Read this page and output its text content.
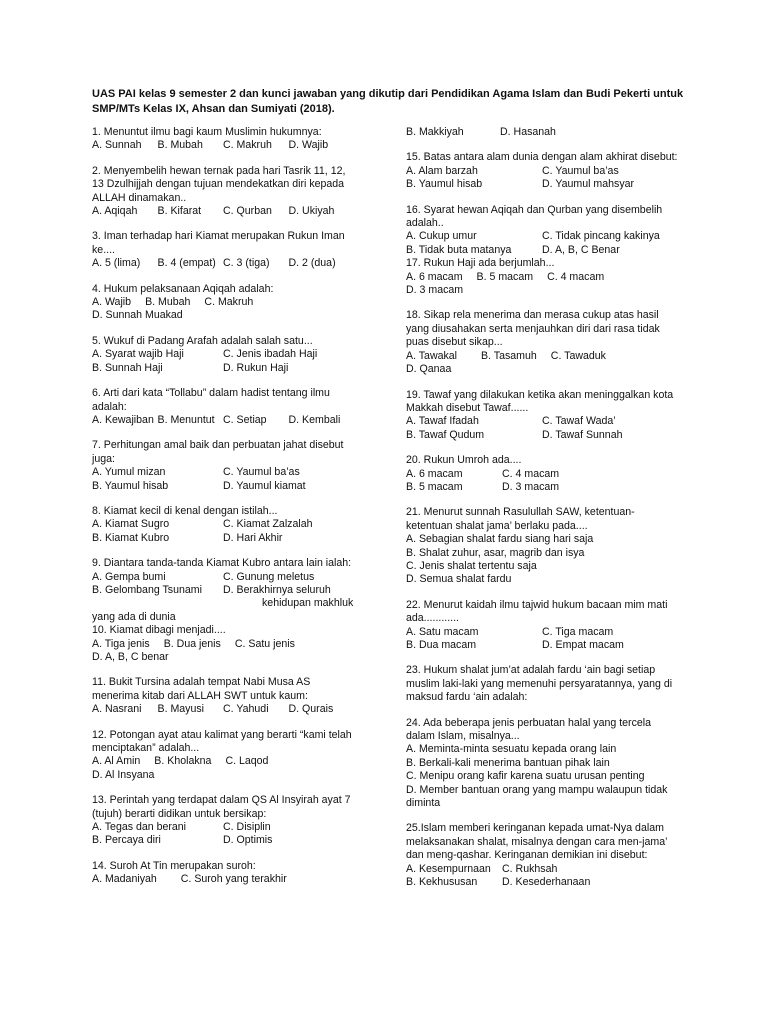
UAS PAI kelas 9 semester 2 dan kunci jawaban yang dikutip dari Pendidikan Agama Islam dan Budi Pekerti untuk SMP/MTs Kelas IX, Ahsan dan Sumiyati (2018).
1. Menuntut ilmu bagi kaum Muslimin hukumnya:
A. Sunnah	B. Mubah	C. Makruh	D. Wajib
2. Menyembelih hewan ternak pada hari Tasrik 11, 12, 13 Dzulhijjah dengan tujuan mendekatkan diri kepada ALLAH dinamakan..
A. Aqiqah	B. Kifarat	C. Qurban	D. Ukiyah
3. Iman terhadap hari Kiamat merupakan Rukun Iman ke....
A. 5 (lima)	B. 4 (empat) C. 3 (tiga)	D. 2 (dua)
4. Hukum pelaksanaan Aqiqah adalah:
A. Wajib B. Mubah C. Makruh
D. Sunnah Muakad
5. Wukuf di Padang Arafah adalah salah satu...
A. Syarat wajib Haji	C. Jenis ibadah Haji
B. Sunnah Haji	D. Rukun Haji
6. Arti dari kata “Tollabu” dalam hadist tentang ilmu adalah:
A. Kewajiban B. Menuntut C. Setiap	D. Kembali
7. Perhitungan amal baik dan perbuatan jahat disebut juga:
A. Yumul mizan	C. Yaumul ba’as
B. Yaumul hisab	D. Yaumul kiamat
8. Kiamat kecil di kenal dengan istilah...
A. Kiamat Sugro	C. Kiamat Zalzalah
B. Kiamat Kubro	D. Hari Akhir
9. Diantara tanda-tanda Kiamat Kubro antara lain ialah:
A. Gempa bumi	C. Gunung meletus
B. Gelombang Tsunami	D. Berakhirnya seluruh
kehidupan makhluk
yang ada di dunia
10. Kiamat dibagi menjadi....
A. Tiga jenis B. Dua jenis C. Satu jenis
D. A, B, C benar
11. Bukit Tursina adalah tempat Nabi Musa AS menerima kitab dari ALLAH SWT untuk kaum:
A. Nasrani	B. Mayusi	C. Yahudi	D. Qurais
12. Potongan ayat atau kalimat yang berarti “kami telah menciptakan” adalah...
A. Al Amin B. Kholakna C. Laqod
D. Al Insyana
13. Perintah yang terdapat dalam QS Al Insyirah ayat 7 (tujuh) berarti didikan untuk bersikap:
A. Tegas dan berani	C. Disiplin
B. Percaya diri	D. Optimis
14. Suroh At Tin merupakan suroh:
A. Madaniyah C. Suroh yang terakhir
B. Makkiyah	D. Hasanah
15. Batas antara alam dunia dengan alam akhirat disebut:
A. Alam barzah	C. Yaumul ba’as
B. Yaumul hisab	D. Yaumul mahsyar
16. Syarat hewan Aqiqah dan Qurban yang disembelih adalah..
A. Cukup umur	C. Tidak pincang kakinya
B. Tidak buta matanya	D. A, B, C Benar
17. Rukun Haji ada berjumlah...
A. 6 macam B. 5 macam C. 4 macam
D. 3 macam
18. Sikap rela menerima dan merasa cukup atas hasil yang diusahakan serta menjauhkan diri dari rasa tidak puas disebut sikap...
A. Tawakal B. Tasamuh C. Tawaduk
D. Qanaa
19. Tawaf yang dilakukan ketika akan meninggalkan kota Makkah disebut Tawaf......
A. Tawaf Ifadah	C. Tawaf Wada’
B. Tawaf Qudum	D. Tawaf Sunnah
20. Rukun Umroh ada....
A. 6 macam	C. 4 macam
B. 5 macam	D. 3 macam
21. Menurut sunnah Rasulullah SAW, ketentuan-ketentuan shalat jama’ berlaku pada....
A. Sebagian shalat fardu siang hari saja
B. Shalat zuhur, asar, magrib dan isya
C. Jenis shalat tertentu saja
D. Semua shalat fardu
22. Menurut kaidah ilmu tajwid hukum bacaan mim mati ada............
A. Satu macam	C. Tiga macam
B. Dua macam	D. Empat macam
23. Hukum shalat jum’at adalah fardu ‘ain bagi setiap muslim laki-laki yang memenuhi persyaratannya, yang di maksud fardu ‘ain adalah:
24. Ada beberapa jenis perbuatan halal yang tercela dalam Islam, misalnya...
A. Meminta-minta sesuatu kepada orang lain
B. Berkali-kali menerima bantuan pihak lain
C. Menipu orang kafir karena suatu urusan penting
D. Member bantuan orang yang mampu walaupun tidak diminta
25.Islam memberi keringanan kepada umat-Nya dalam melaksanakan shalat, misalnya dengan cara men-jama’ dan meng-qashar. Keringanan demikian ini disebut:
A. Kesempurnaan	C. Rukhsah
B. Kekhususan	D. Kesederhanaan
